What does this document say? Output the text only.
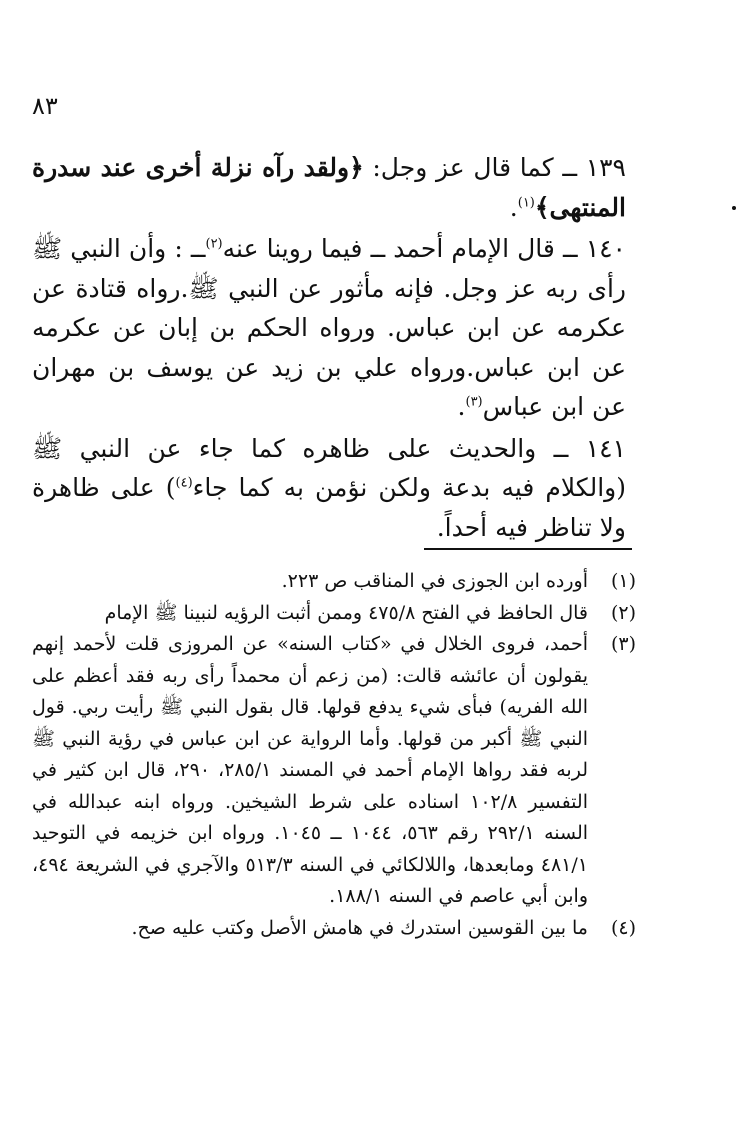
٨٣

١٣٩ ــ كما قال عز وجل: ﴿ولقد رآه نزلة أخرى عند سدرة المنتهى﴾$^{(١)}$.

١٤٠ ــ قال الإمام أحمد ــ فيما روينا عنه$^{(٢)}$ــ : وأن النبي ﷺ رأى ربه عز وجل. فإنه مأثور عن النبي ﷺ.رواه قتادة عن عكرمه عن ابن عباس. ورواه الحكم بن إبان عن عكرمه عن ابن عباس.ورواه علي بن زيد عن يوسف بن مهران عن ابن عباس$^{(٣)}$.

١٤١ ــ والحديث على ظاهره كما جاء عن النبي ﷺ (والكلام فيه بدعة ولكن نؤمن به كما جاء$^{(٤)}$) على ظاهرة ولا تناظر فيه أحداً.

(١)
أورده ابن الجوزى في المناقب ص ٢٢٣.
(٢)
قال الحافظ في الفتح ٤٧٥/٨ وممن أثبت الرؤيه لنبينا ﷺ الإمام
(٣)
أحمد، فروى الخلال في «كتاب السنه» عن المروزى قلت لأحمد إنهم يقولون أن عائشه قالت: (من زعم أن محمداً رأى ربه فقد أعظم على الله الفريه) فبأى شيء يدفع قولها. قال بقول النبي ﷺ رأيت ربي. قول النبي ﷺ أكبر من قولها. وأما الرواية عن ابن عباس في رؤية النبي ﷺ لربه فقد رواها الإمام أحمد في المسند ٢٨٥/١، ٢٩٠، قال ابن كثير في التفسير ١٠٢/٨ اسناده على شرط الشيخين. ورواه ابنه عبدالله في السنه ٢٩٢/١ رقم ٥٦٣، ١٠٤٤ ــ ١٠٤٥. ورواه ابن خزيمه في التوحيد ٤٨١/١ ومابعدها، واللالكائي في السنه ٥١٣/٣ والآجري في الشريعة ٤٩٤، وابن أبي عاصم في السنه ١٨٨/١.
(٤)
ما بين القوسين استدرك في هامش الأصل وكتب عليه صح.
